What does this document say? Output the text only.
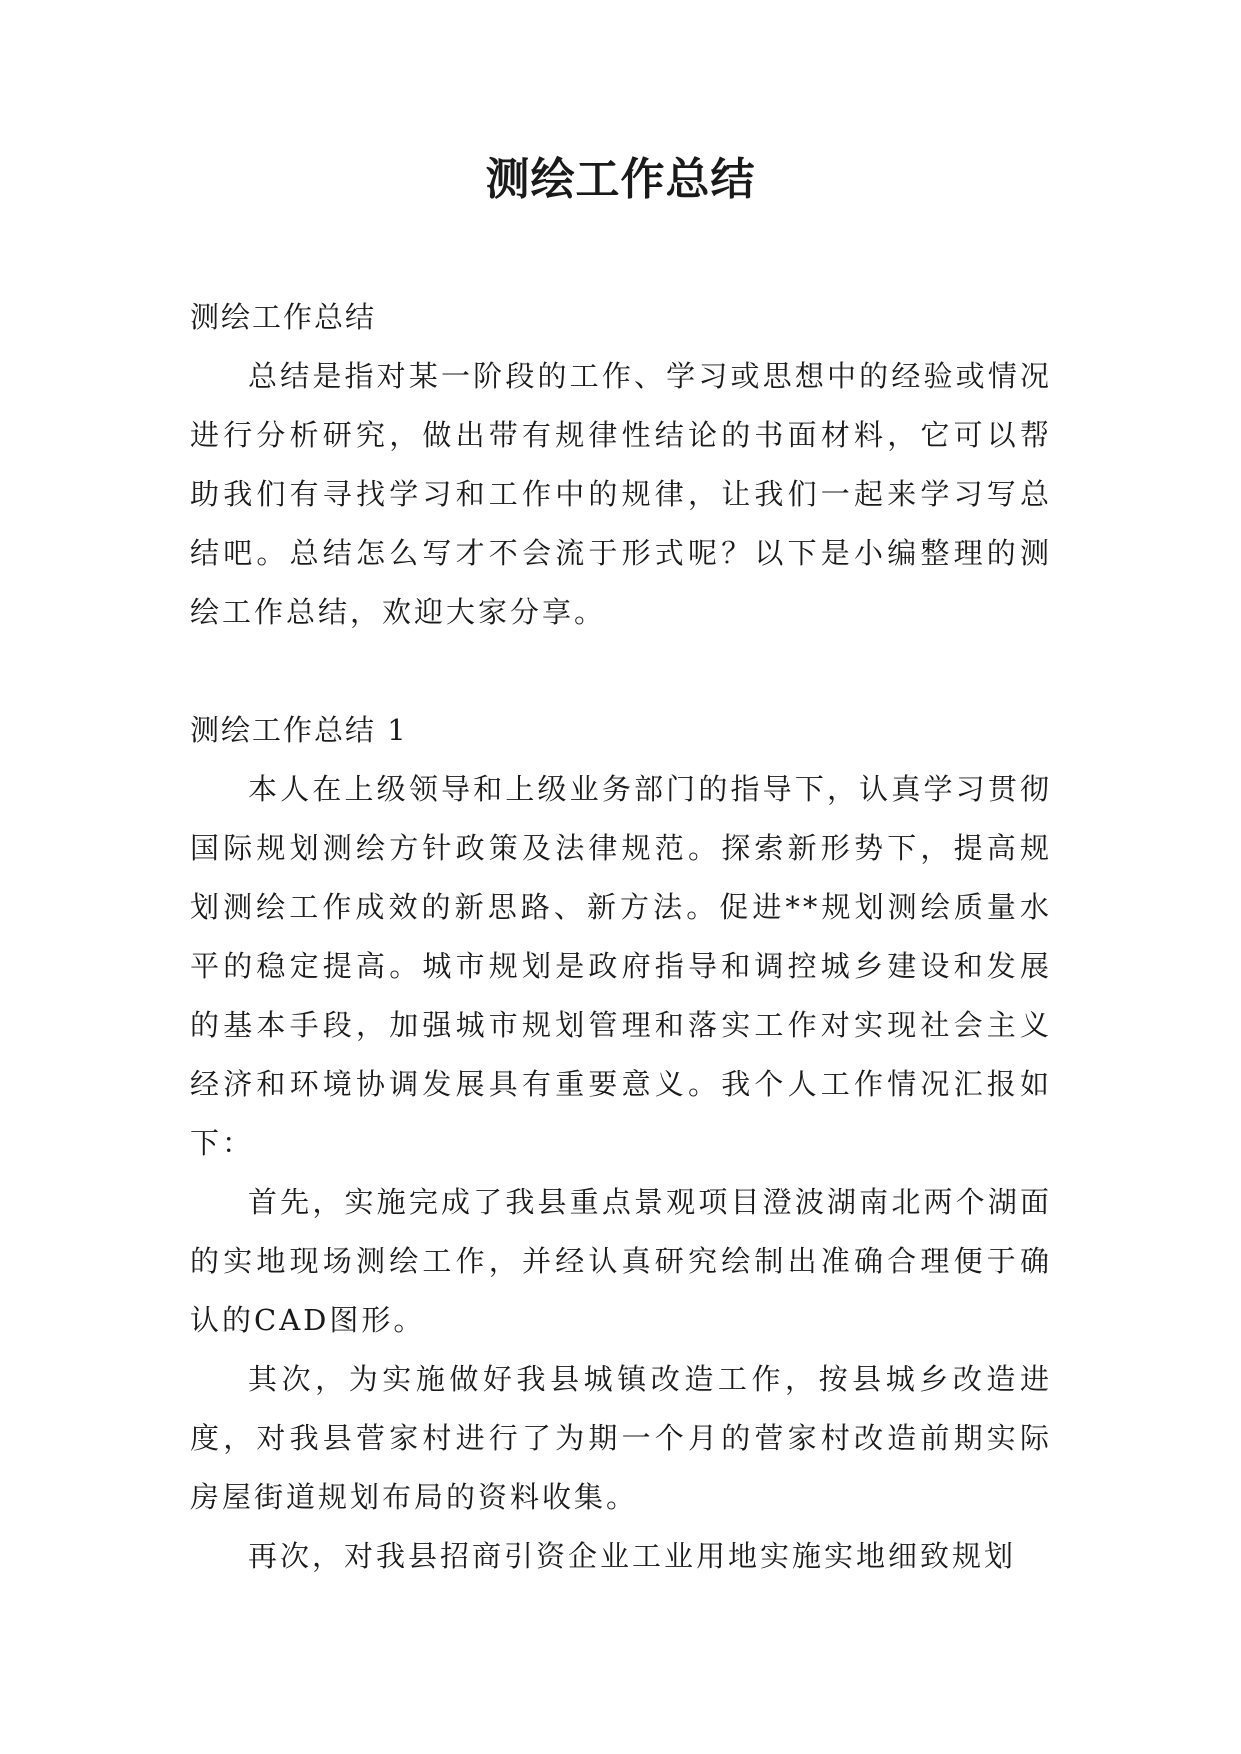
测绘工作总结

测绘工作总结

总结是指对某一阶段的工作、学习或思想中的经验或情况进行分析研究，做出带有规律性结论的书面材料，它可以帮助我们有寻找学习和工作中的规律，让我们一起来学习写总结吧。总结怎么写才不会流于形式呢？以下是小编整理的测绘工作总结，欢迎大家分享。

测绘工作总结 1

本人在上级领导和上级业务部门的指导下，认真学习贯彻国际规划测绘方针政策及法律规范。探索新形势下，提高规划测绘工作成效的新思路、新方法。促进**规划测绘质量水平的稳定提高。城市规划是政府指导和调控城乡建设和发展的基本手段，加强城市规划管理和落实工作对实现社会主义经济和环境协调发展具有重要意义。我个人工作情况汇报如下：

首先，实施完成了我县重点景观项目澄波湖南北两个湖面的实地现场测绘工作，并经认真研究绘制出准确合理便于确认的CAD图形。

其次，为实施做好我县城镇改造工作，按县城乡改造进度，对我县菅家村进行了为期一个月的菅家村改造前期实际房屋街道规划布局的资料收集。

再次，对我县招商引资企业工业用地实施实地细致规划
